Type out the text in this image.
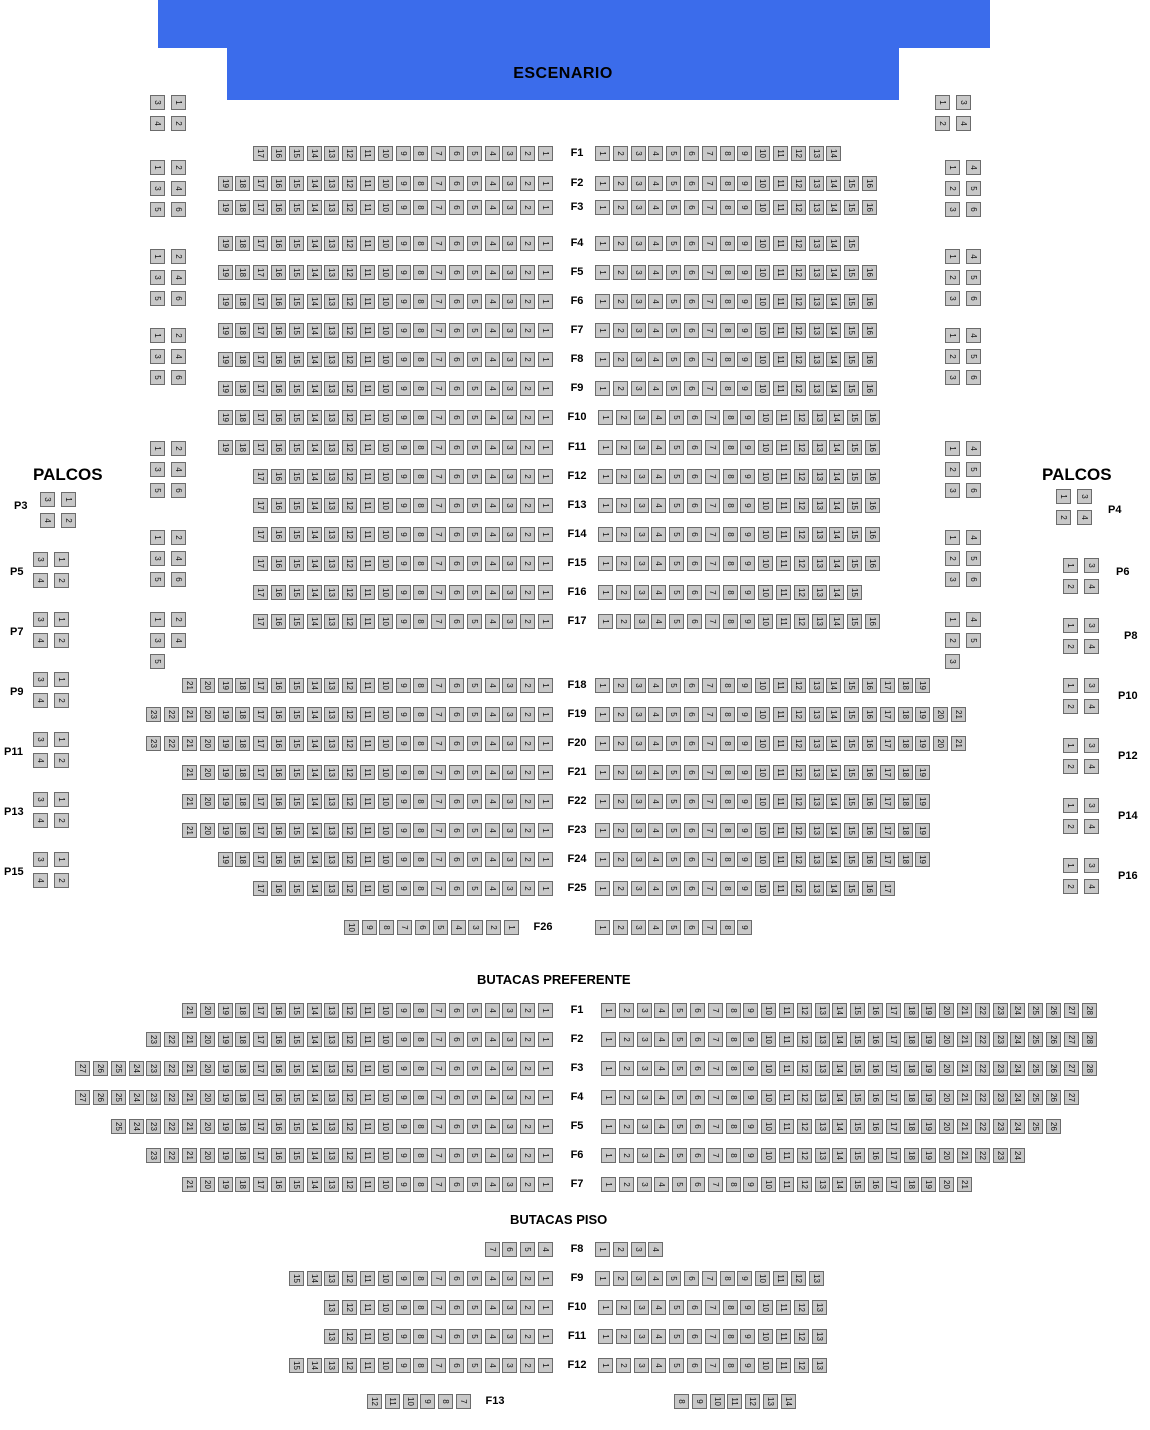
ESCENARIO
17	16	15	14	13	12	11	10	9	8	7	6	5	4	3	2	1	F1	1	2	3	4	5	6	7	8	9	10	11	12	13	14
19	18	17	16	15	14	13	12	11	10	9	8	7	6	5	4	3	2	1	F2	1	2	3	4	5	6	7	8	9	10	11	12	13	14	15	16
19	18	17	16	15	14	13	12	11	10	9	8	7	6	5	4	3	2	1	F3	1	2	3	4	5	6	7	8	9	10	11	12	13	14	15	16
19	18	17	16	15	14	13	12	11	10	9	8	7	6	5	4	3	2	1	F4	1	2	3	4	5	6	7	8	9	10	11	12	13	14	15
19	18	17	16	15	14	13	12	11	10	9	8	7	6	5	4	3	2	1	F5	1	2	3	4	5	6	7	8	9	10	11	12	13	14	15	16
19	18	17	16	15	14	13	12	11	10	9	8	7	6	5	4	3	2	1	F6	1	2	3	4	5	6	7	8	9	10	11	12	13	14	15	16
19	18	17	16	15	14	13	12	11	10	9	8	7	6	5	4	3	2	1	F7	1	2	3	4	5	6	7	8	9	10	11	12	13	14	15	16
19	18	17	16	15	14	13	12	11	10	9	8	7	6	5	4	3	2	1	F8	1	2	3	4	5	6	7	8	9	10	11	12	13	14	15	16
19	18	17	16	15	14	13	12	11	10	9	8	7	6	5	4	3	2	1	F9	1	2	3	4	5	6	7	8	9	10	11	12	13	14	15	16
19	18	17	16	15	14	13	12	11	10	9	8	7	6	5	4	3	2	1	F10	1	2	3	4	5	6	7	8	9	10	11	12	13	14	15	16
19	18	17	16	15	14	13	12	11	10	9	8	7	6	5	4	3	2	1	F11	1	2	3	4	5	6	7	8	9	10	11	12	13	14	15	16
17	16	15	14	13	12	11	10	9	8	7	6	5	4	3	2	1	F12	1	2	3	4	5	6	7	8	9	10	11	12	13	14	15	16
17	16	15	14	13	12	11	10	9	8	7	6	5	4	3	2	1	F13	1	2	3	4	5	6	7	8	9	10	11	12	13	14	15	16
17	16	15	14	13	12	11	10	9	8	7	6	5	4	3	2	1	F14	1	2	3	4	5	6	7	8	9	10	11	12	13	14	15	16
17	16	15	14	13	12	11	10	9	8	7	6	5	4	3	2	1	F15	1	2	3	4	5	6	7	8	9	10	11	12	13	14	15	16
17	16	15	14	13	12	11	10	9	8	7	6	5	4	3	2	1	F16	1	2	3	4	5	6	7	8	9	10	11	12	13	14	15
17	16	15	14	13	12	11	10	9	8	7	6	5	4	3	2	1	F17	1	2	3	4	5	6	7	8	9	10	11	12	13	14	15	16
21	20	19	18	17	16	15	14	13	12	11	10	9	8	7	6	5	4	3	2	1	F18	1	2	3	4	5	6	7	8	9	10	11	12	13	14	15	16	17	18	19
23	22	21	20	19	18	17	16	15	14	13	12	11	10	9	8	7	6	5	4	3	2	1	F19	1	2	3	4	5	6	7	8	9	10	11	12	13	14	15	16	17	18	19	20	21
23	22	21	20	19	18	17	16	15	14	13	12	11	10	9	8	7	6	5	4	3	2	1	F20	1	2	3	4	5	6	7	8	9	10	11	12	13	14	15	16	17	18	19	20	21
21	20	19	18	17	16	15	14	13	12	11	10	9	8	7	6	5	4	3	2	1	F21	1	2	3	4	5	6	7	8	9	10	11	12	13	14	15	16	17	18	19
21	20	19	18	17	16	15	14	13	12	11	10	9	8	7	6	5	4	3	2	1	F22	1	2	3	4	5	6	7	8	9	10	11	12	13	14	15	16	17	18	19
21	20	19	18	17	16	15	14	13	12	11	10	9	8	7	6	5	4	3	2	1	F23	1	2	3	4	5	6	7	8	9	10	11	12	13	14	15	16	17	18	19
19	18	17	16	15	14	13	12	11	10	9	8	7	6	5	4	3	2	1	F24	1	2	3	4	5	6	7	8	9	10	11	12	13	14	15	16	17	18	19
17	16	15	14	13	12	11	10	9	8	7	6	5	4	3	2	1	F25	1	2	3	4	5	6	7	8	9	10	11	12	13	14	15	16	17
10	9	8	7	6	5	4	3	2	1	F26	1	2	3	4	5	6	7	8	9
21	20	19	18	17	16	15	14	13	12	11	10	9	8	7	6	5	4	3	2	1	F1	1	2	3	4	5	6	7	8	9	10	11	12	13	14	15	16	17	18	19	20	21	22	23	24	25	26	27	28
23	22	21	20	19	18	17	16	15	14	13	12	11	10	9	8	7	6	5	4	3	2	1	F2	1	2	3	4	5	6	7	8	9	10	11	12	13	14	15	16	17	18	19	20	21	22	23	24	25	26	27	28
27	26	25	24	23	22	21	20	19	18	17	16	15	14	13	12	11	10	9	8	7	6	5	4	3	2	1	F3	1	2	3	4	5	6	7	8	9	10	11	12	13	14	15	16	17	18	19	20	21	22	23	24	25	26	27	28
27	26	25	24	23	22	21	20	19	18	17	16	15	14	13	12	11	10	9	8	7	6	5	4	3	2	1	F4	1	2	3	4	5	6	7	8	9	10	11	12	13	14	15	16	17	18	19	20	21	22	23	24	25	26	27
25	24	23	22	21	20	19	18	17	16	15	14	13	12	11	10	9	8	7	6	5	4	3	2	1	F5	1	2	3	4	5	6	7	8	9	10	11	12	13	14	15	16	17	18	19	20	21	22	23	24	25	26
23	22	21	20	19	18	17	16	15	14	13	12	11	10	9	8	7	6	5	4	3	2	1	F6	1	2	3	4	5	6	7	8	9	10	11	12	13	14	15	16	17	18	19	20	21	22	23	24
21	20	19	18	17	16	15	14	13	12	11	10	9	8	7	6	5	4	3	2	1	F7	1	2	3	4	5	6	7	8	9	10	11	12	13	14	15	16	17	18	19	20	21
7	6	5	4	F8	1	2	3	4
15	14	13	12	11	10	9	8	7	6	5	4	3	2	1	F9	1	2	3	4	5	6	7	8	9	10	11	12	13
13	12	11	10	9	8	7	6	5	4	3	2	1	F10	1	2	3	4	5	6	7	8	9	10	11	12	13
13	12	11	10	9	8	7	6	5	4	3	2	1	F11	1	2	3	4	5	6	7	8	9	10	11	12	13
15	14	13	12	11	10	9	8	7	6	5	4	3	2	1	F12	1	2	3	4	5	6	7	8	9	10	11	12	13
12	11	10	9	8	7	F13	8	9	10	11	12	13	14
3	1
4	2
1	2
3	4
5	6
1	2
3	4
5	6
1	2
3	4
5	6
1	2
3	4
5	6
1	2
3	4
5	6
1	2
3	4
5
1	3
2	4
1	4
2	5
3	6
1	4
2	5
3	6
1	4
2	5
3	6
1	4
2	5
3	6
1	4
2	5
3	6
1	4
2	5
3
3	1
4	2
P3
3	1
4	2
P5
3	1
4	2
P7
3	1
4	2
P9
3	1
4	2
P11
3	1
4	2
P13
3	1
4	2
P15
1	3
2	4
P4
1	3
2	4
P6
1	3
2	4
P8
1	3
2	4
P10
1	3
2	4
P12
1	3
2	4
P14
1	3
2	4
P16
BUTACAS PREFERENTE
BUTACAS PISO
PALCOS	PALCOS
